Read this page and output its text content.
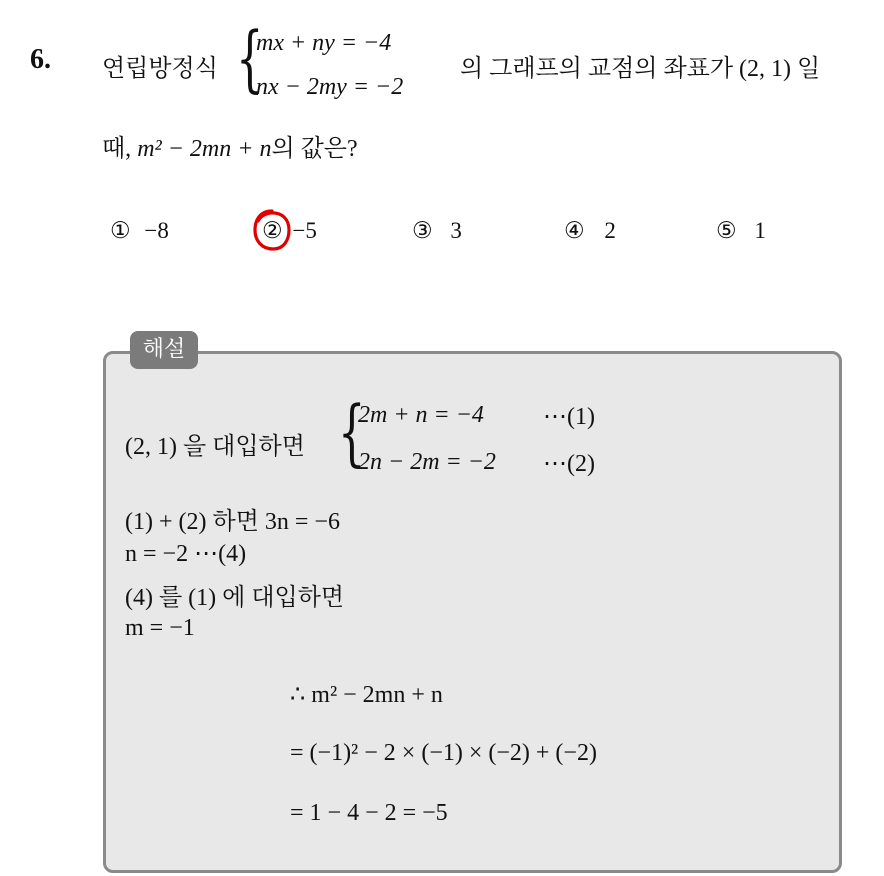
6. 연립방정식 {
mx + ny = −4
nx − 2my = −2
의 그래프의 교점의 좌표가 (2, 1) 일
때, m² − 2mn + n의 값은?
① −8	② −5	③ 3	④ 2	⑤ 1
해설
(2, 1) 을 대입하면 {
2m + n = −4 ⋯(1)
2n − 2m = −2 ⋯(2)
(1) + (2) 하면 3n = −6
n = −2 ⋯(4)
(4) 를 (1) 에 대입하면
m = −1
∴ m² − 2mn + n
= (−1)² − 2 × (−1) × (−2) + (−2)
= 1 − 4 − 2 = −5
